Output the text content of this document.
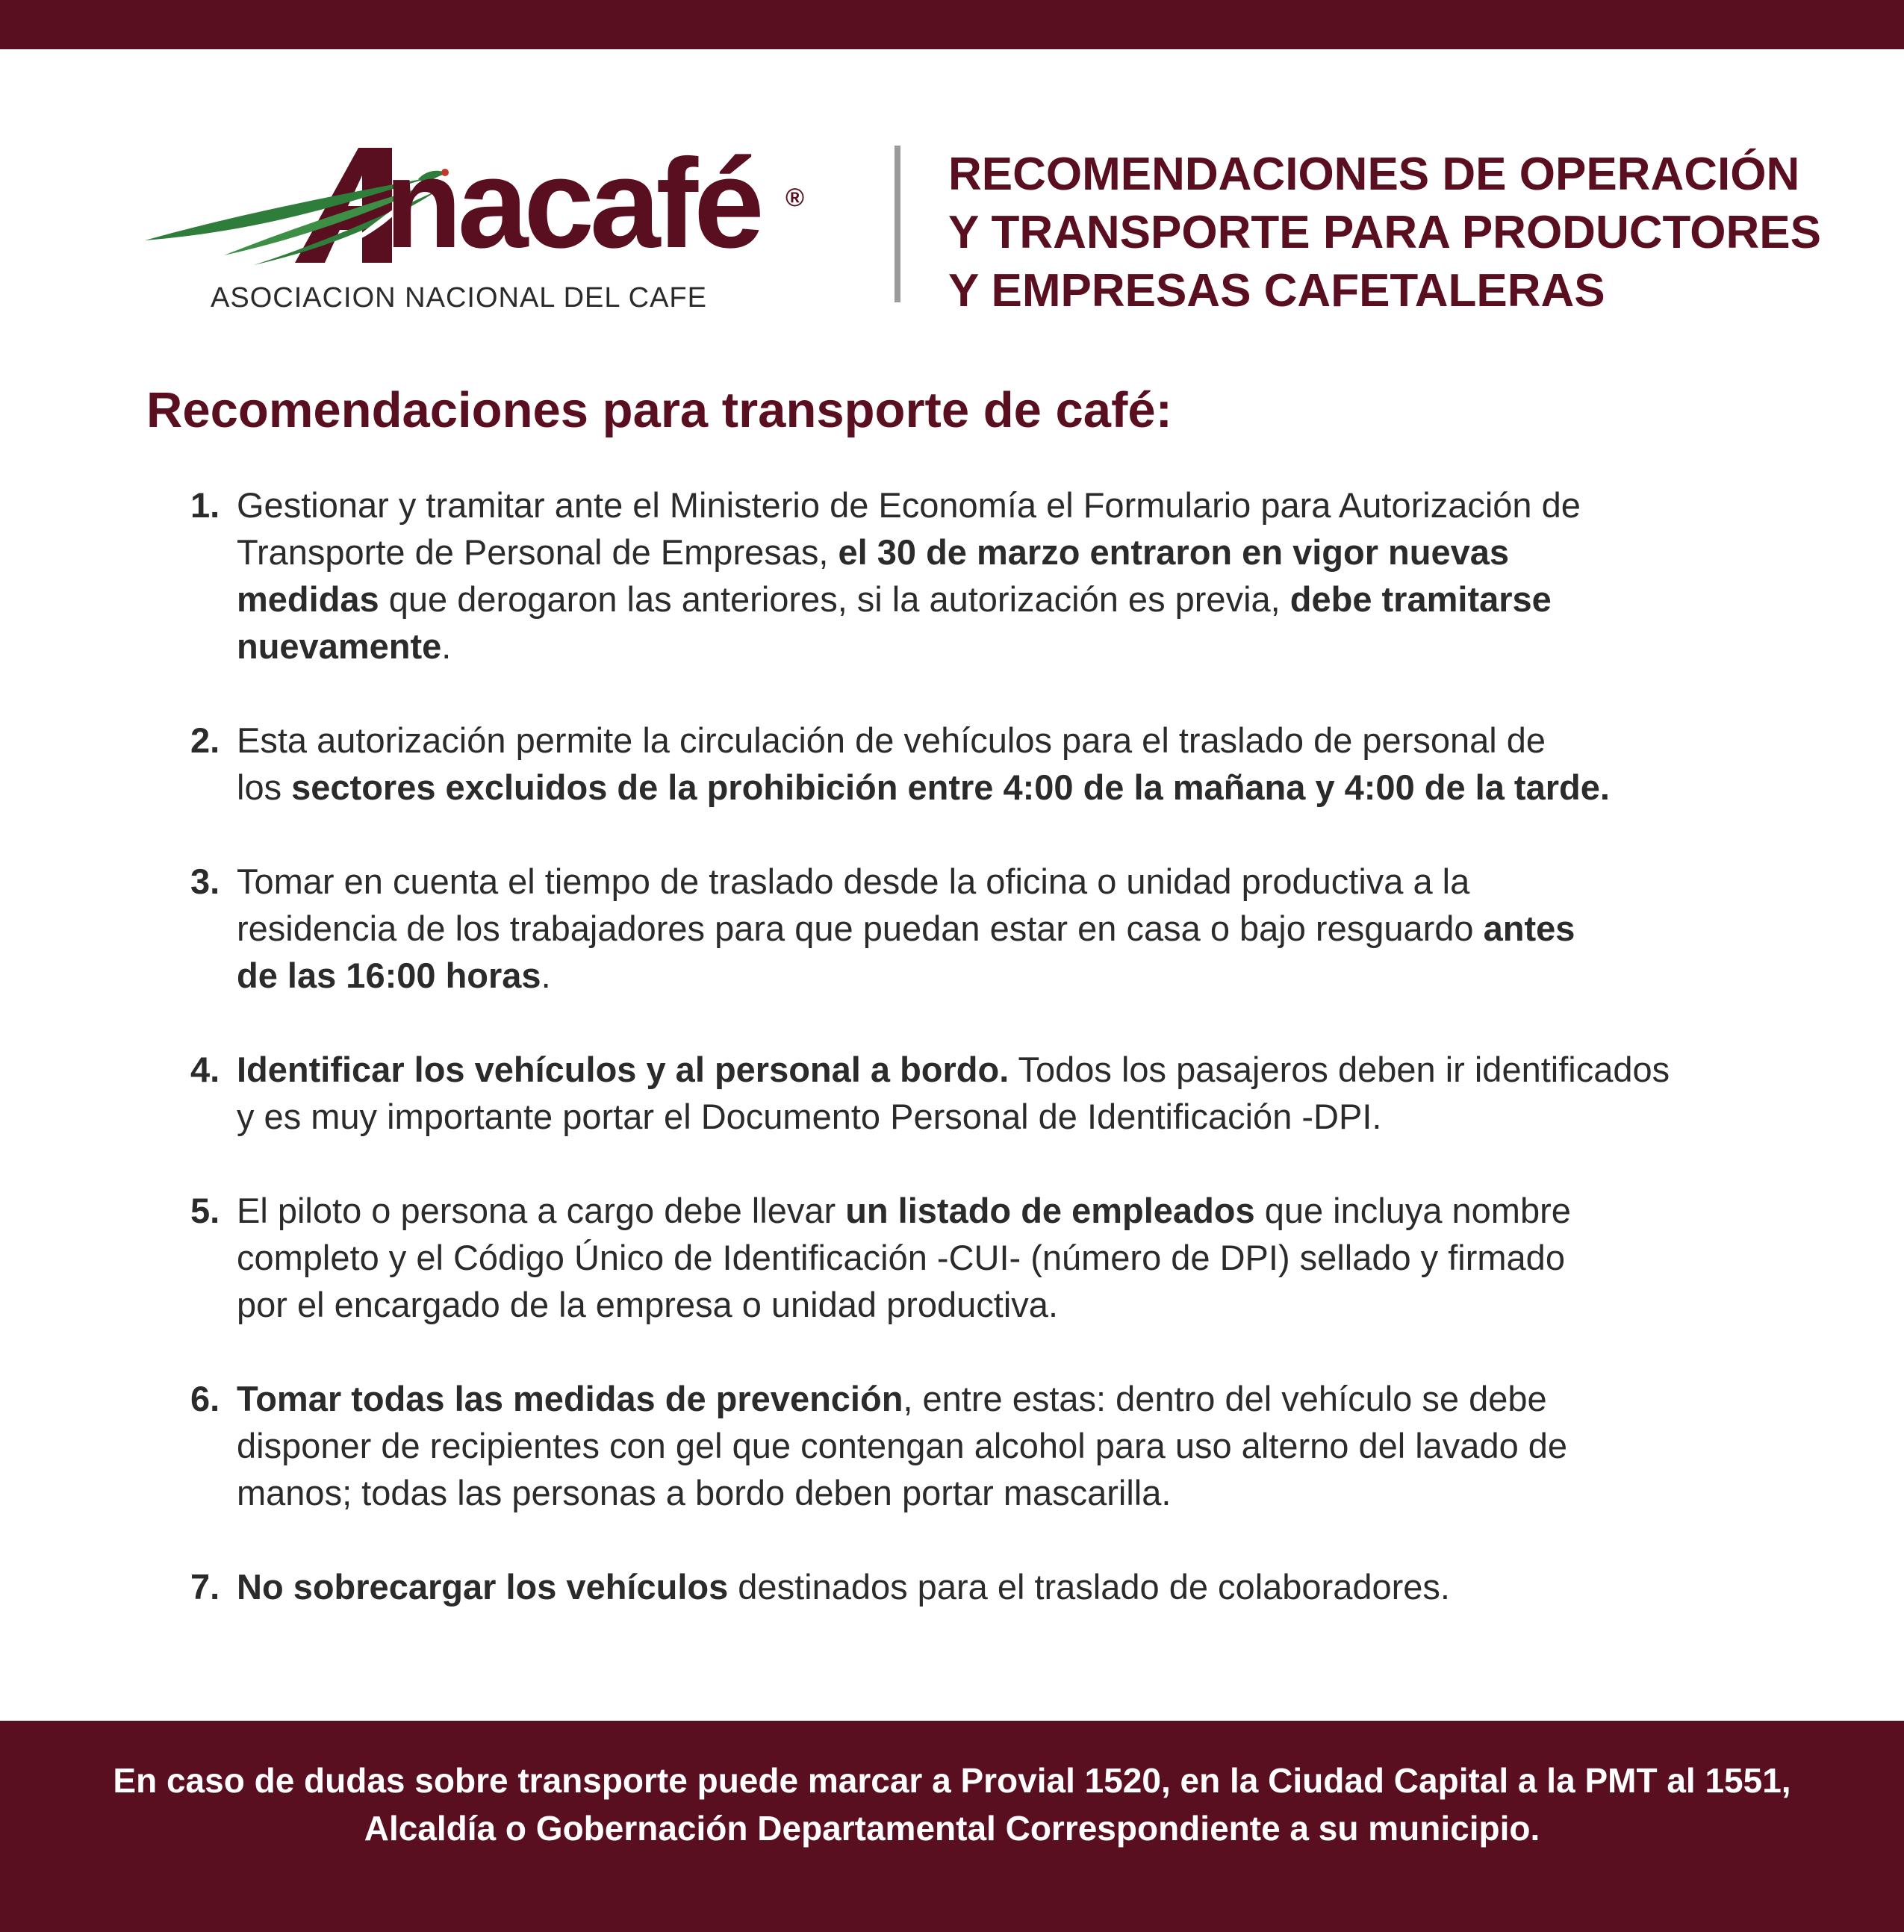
nacafé ®
ASOCIACION NACIONAL DEL CAFE
RECOMENDACIONES DE OPERACIÓN
Y TRANSPORTE PARA PRODUCTORES
Y EMPRESAS CAFETALERAS
Recomendaciones para transporte de café:
1. Gestionar y tramitar ante el Ministerio de Economía el Formulario para Autorización de
Transporte de Personal de Empresas, el 30 de marzo entraron en vigor nuevas
medidas que derogaron las anteriores, si la autorización es previa, debe tramitarse
nuevamente.
2. Esta autorización permite la circulación de vehículos para el traslado de personal de
los sectores excluidos de la prohibición entre 4:00 de la mañana y 4:00 de la tarde.
3. Tomar en cuenta el tiempo de traslado desde la oficina o unidad productiva a la
residencia de los trabajadores para que puedan estar en casa o bajo resguardo antes
de las 16:00 horas.
4. Identificar los vehículos y al personal a bordo. Todos los pasajeros deben ir identificados
y es muy importante portar el Documento Personal de Identificación -DPI.
5. El piloto o persona a cargo debe llevar un listado de empleados que incluya nombre
completo y el Código Único de Identificación -CUI- (número de DPI) sellado y firmado
por el encargado de la empresa o unidad productiva.
6. Tomar todas las medidas de prevención, entre estas: dentro del vehículo se debe
disponer de recipientes con gel que contengan alcohol para uso alterno del lavado de
manos; todas las personas a bordo deben portar mascarilla.
7. No sobrecargar los vehículos destinados para el traslado de colaboradores.
En caso de dudas sobre transporte puede marcar a Provial 1520, en la Ciudad Capital a la PMT al 1551,
Alcaldía o Gobernación Departamental Correspondiente a su municipio.
